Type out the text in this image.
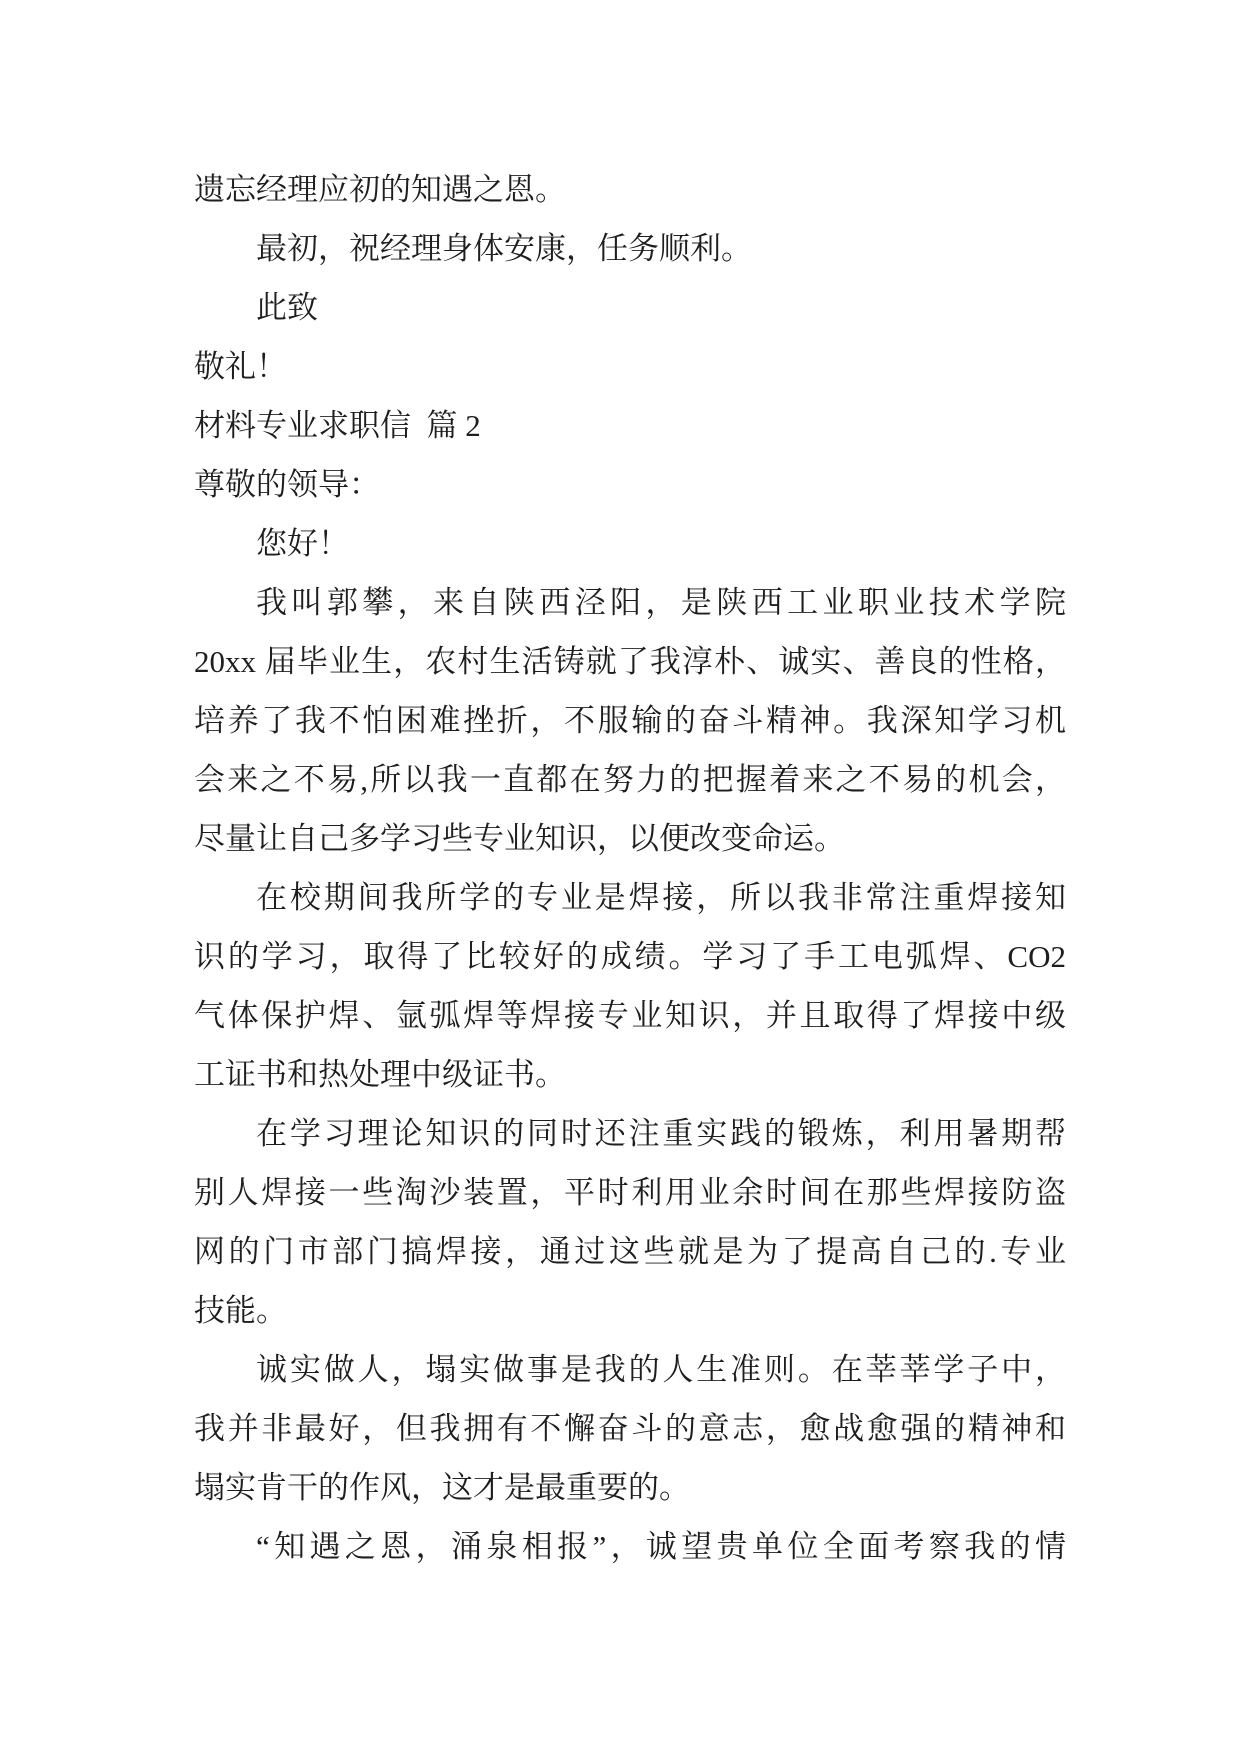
遗忘经理应初的知遇之恩。
最初，祝经理身体安康，任务顺利。
此致
敬礼！
材料专业求职信  篇 2
尊敬的领导：
您好！
我叫郭攀，来自陕西泾阳，是陕西工业职业技术学院
20xx 届毕业生，农村生活铸就了我淳朴、诚实、善良的性格，
培养了我不怕困难挫折，不服输的奋斗精神。我深知学习机
会来之不易,所以我一直都在努力的把握着来之不易的机会，
尽量让自己多学习些专业知识，以便改变命运。
在校期间我所学的专业是焊接，所以我非常注重焊接知
识的学习，取得了比较好的成绩。学习了手工电弧焊、CO2
气体保护焊、氩弧焊等焊接专业知识，并且取得了焊接中级
工证书和热处理中级证书。
在学习理论知识的同时还注重实践的锻炼，利用暑期帮
别人焊接一些淘沙装置，平时利用业余时间在那些焊接防盗
网的门市部门搞焊接，通过这些就是为了提高自己的.专业
技能。
诚实做人，塌实做事是我的人生准则。在莘莘学子中，
我并非最好，但我拥有不懈奋斗的意志，愈战愈强的精神和
塌实肯干的作风，这才是最重要的。
“知遇之恩，涌泉相报”，诚望贵单位全面考察我的情
